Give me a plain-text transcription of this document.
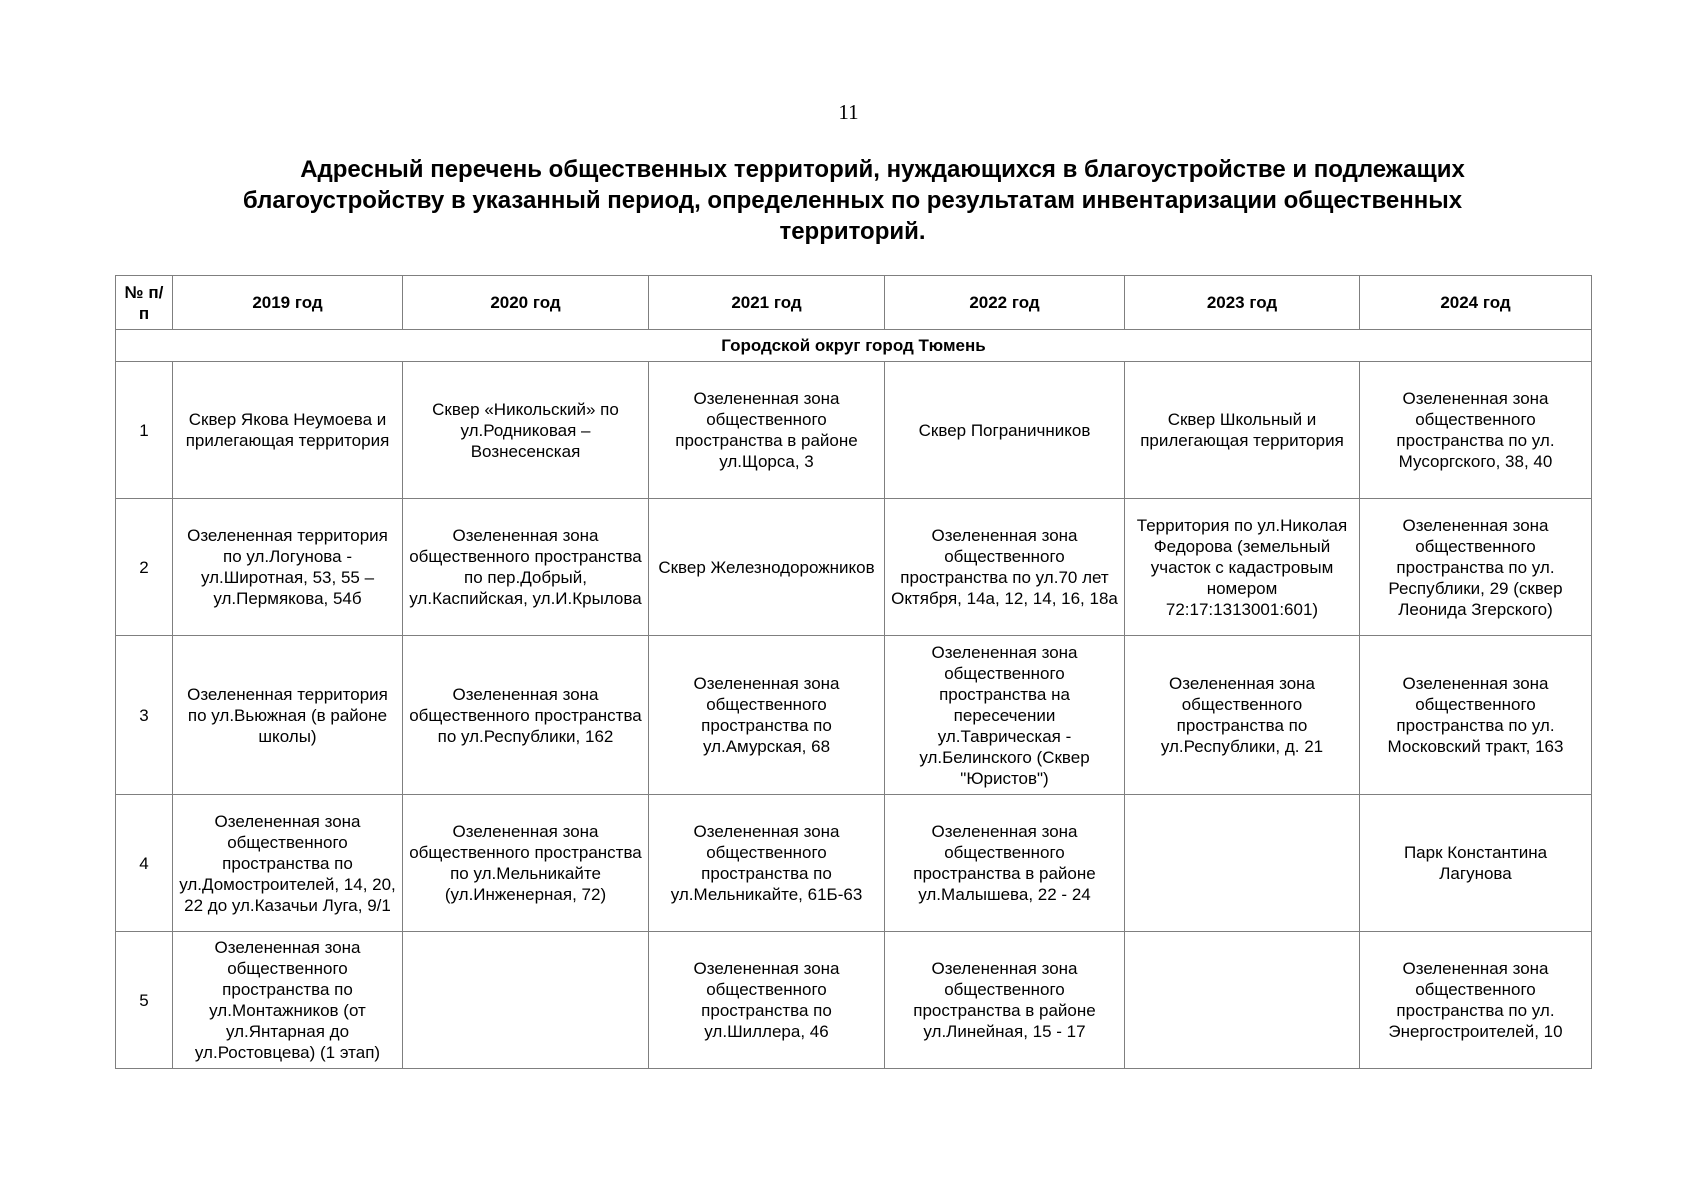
11
Адресный перечень общественных территорий, нуждающихся в благоустройстве и подлежащих
благоустройству в указанный период, определенных по результатам инвентаризации общественных
территорий.
№ п/п	2019 год	2020 год	2021 год	2022 год	2023 год	2024 год
Городской округ город Тюмень						
1	Сквер Якова Неумоева и прилегающая территория	Сквер «Никольский» по ул.Родниковая – Вознесенская	Озелененная зона общественного пространства в районе ул.Щорса, 3	Сквер Пограничников	Сквер Школьный и прилегающая территория	Озелененная зона общественного пространства по ул. Мусоргского, 38, 40
2	Озелененная территория по ул.Логунова - ул.Широтная, 53, 55 – ул.Пермякова, 54б	Озелененная зона общественного пространства по пер.Добрый, ул.Каспийская, ул.И.Крылова	Сквер Железнодорожников	Озелененная зона общественного пространства по ул.70 лет Октября, 14а, 12, 14, 16, 18а	Территория по ул.Николая Федорова (земельный участок с кадастровым номером 72:17:1313001:601)	Озелененная зона общественного пространства по ул. Республики, 29 (сквер Леонида Згерского)
3	Озелененная территория по ул.Вьюжная (в районе школы)	Озелененная зона общественного пространства по ул.Республики, 162	Озелененная зона общественного пространства по ул.Амурская, 68	Озелененная зона общественного пространства на пересечении ул.Таврическая - ул.Белинского (Сквер "Юристов")	Озелененная зона общественного пространства по ул.Республики, д. 21	Озелененная зона общественного пространства по ул. Московский тракт, 163
4	Озелененная зона общественного пространства по ул.Домостроителей, 14, 20, 22 до ул.Казачьи Луга, 9/1	Озелененная зона общественного пространства по ул.Мельникайте (ул.Инженерная, 72)	Озелененная зона общественного пространства по ул.Мельникайте, 61Б-63	Озелененная зона общественного пространства в районе ул.Малышева, 22 - 24		Парк Константина Лагунова
5	Озелененная зона общественного пространства по ул.Монтажников (от ул.Янтарная до ул.Ростовцева) (1 этап)		Озелененная зона общественного пространства по ул.Шиллера, 46	Озелененная зона общественного пространства в районе ул.Линейная, 15 - 17		Озелененная зона общественного пространства по ул. Энергостроителей, 10
